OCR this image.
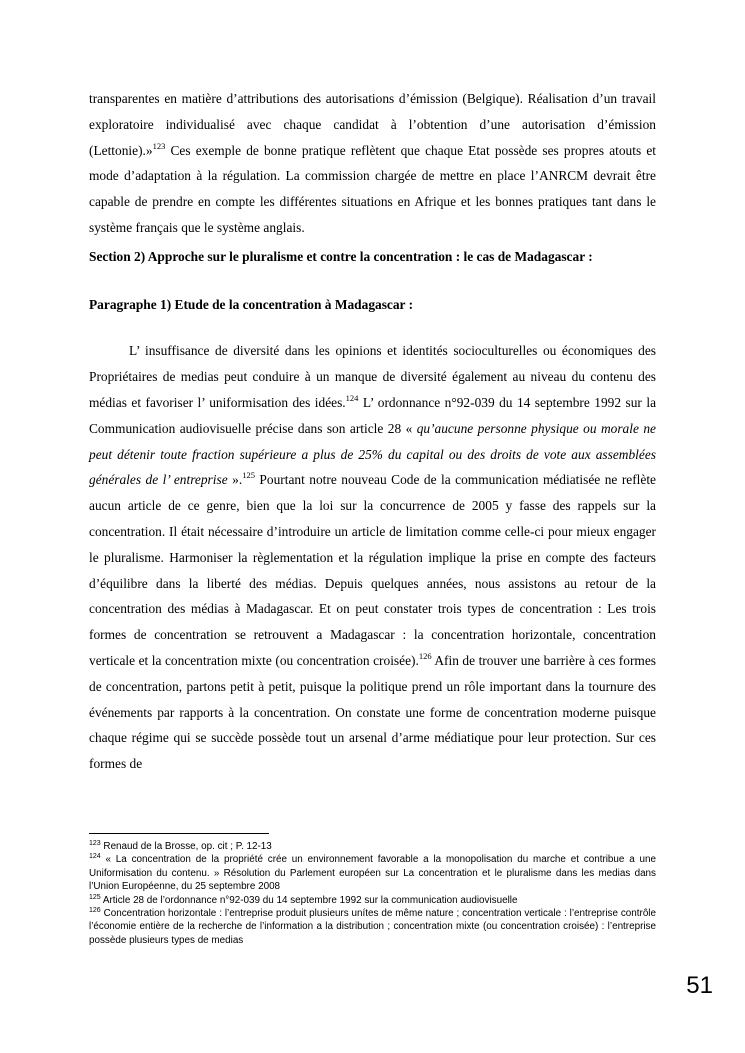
transparentes en matière d’attributions des autorisations d’émission (Belgique). Réalisation d’un travail exploratoire individualisé avec chaque candidat à l’obtention d’une autorisation d’émission (Lettonie).»$^{123}$ Ces exemple de bonne pratique reflètent que chaque Etat possède ses propres atouts et mode d’adaptation à la régulation. La commission chargée de mettre en place l’ANRCM devrait être capable de prendre en compte les différentes situations en Afrique et les bonnes pratiques tant dans le système français que le système anglais.

Section 2) Approche sur le pluralisme et contre la concentration : le cas de Madagascar :

Paragraphe 1) Etude de la concentration à Madagascar :

L’ insuffisance de diversité dans les opinions et identités socioculturelles ou économiques des Propriétaires de medias peut conduire à un manque de diversité également au niveau du contenu des médias et favoriser l’ uniformisation des idées.$^{124}$ L’ ordonnance n°92-039 du 14 septembre 1992 sur la Communication audiovisuelle précise dans son article 28 « qu’aucune personne physique ou morale ne peut détenir toute fraction supérieure a plus de 25% du capital ou des droits de vote aux assemblées générales de l’ entreprise ».$^{125}$ Pourtant notre nouveau Code de la communication médiatisée ne reflète aucun article de ce genre, bien que la loi sur la concurrence de 2005 y fasse des rappels sur la concentration. Il était nécessaire d’introduire un article de limitation comme celle-ci pour mieux engager le pluralisme. Harmoniser la règlementation et la régulation implique la prise en compte des facteurs d’équilibre dans la liberté des médias. Depuis quelques années, nous assistons au retour de la concentration des médias à Madagascar. Et on peut constater trois types de concentration : Les trois formes de concentration se retrouvent a Madagascar : la concentration horizontale, concentration verticale et la concentration mixte (ou concentration croisée).$^{126}$ Afin de trouver une barrière à ces formes de concentration, partons petit à petit, puisque la politique prend un rôle important dans la tournure des événements par rapports à la concentration. On constate une forme de concentration moderne puisque chaque régime qui se succède possède tout un arsenal d’arme médiatique pour leur protection. Sur ces formes de

$^{123}$ Renaud de la Brosse, op. cit ; P. 12-13

$^{124}$ « La concentration de la propriété crée un environnement favorable a la monopolisation du marche et contribue a une Uniformisation du contenu. » Résolution du Parlement européen sur La concentration et le pluralisme dans les medias dans l’Union Européenne, du 25 septembre 2008

$^{125}$ Article 28 de l’ordonnance n°92-039 du 14 septembre 1992 sur la communication audiovisuelle

$^{126}$ Concentration horizontale : l’entreprise produit plusieurs unítes de même nature ; concentration verticale : l’entreprise contrôle l’économie entière de la recherche de l’information a la distribution ; concentration mixte (ou concentration croisée) : l’entreprise possède plusieurs types de medias

51
